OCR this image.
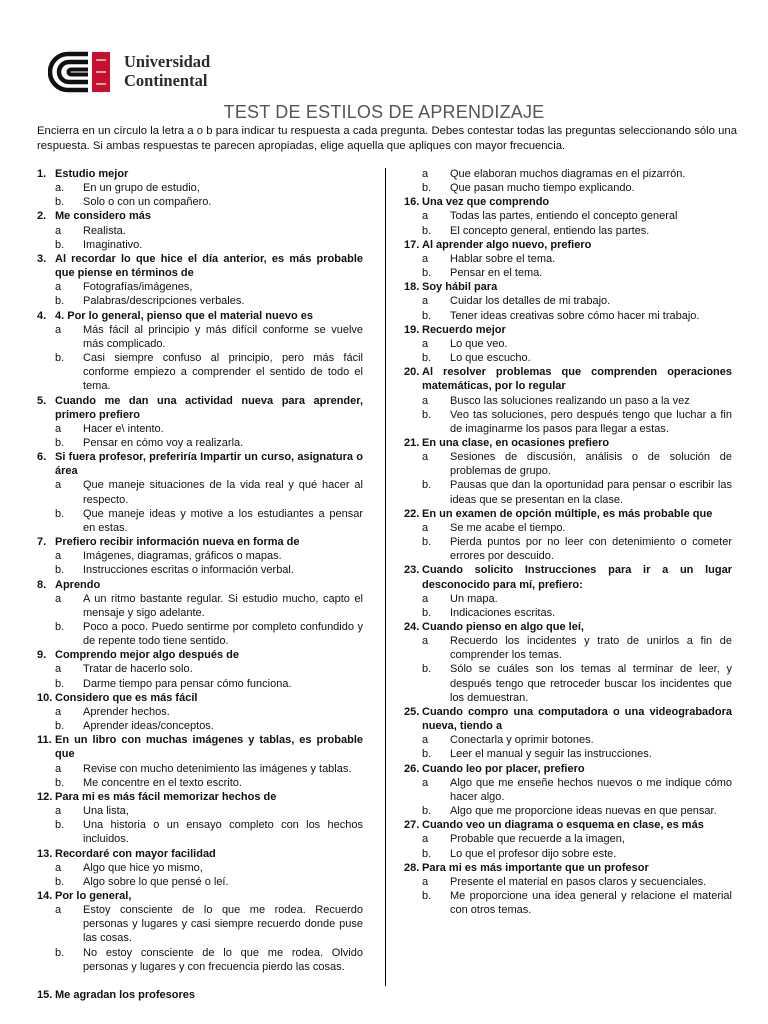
Universidad
Continental
TEST DE ESTILOS DE APRENDIZAJE
Encierra en un círculo la letra a o b para indicar tu respuesta a cada pregunta. Debes contestar todas las preguntas seleccionando sólo una respuesta. Si ambas respuestas te parecen apropiadas, elige aquella que apliques con mayor frecuencia.
1. Estudio mejor
a.	En un grupo de estudio,
b.	Solo o con un compañero.
2. Me considero más
a	Realista.
b.	Imaginativo.
3. Al recordar lo que hice el día anterior, es más probable que piense en términos de
a	Fotografías/imágenes,
b.	Palabras/descripciones verbales.
4. 4. Por lo general, pienso que el material nuevo es
a	Más fácil al principio y más difícil conforme se vuelve más complicado.
b.	Casi siempre confuso al principio, pero más fácil conforme empiezo a comprender el sentido de todo el tema.
5. Cuando me dan una actividad nueva para aprender, primero prefiero
a	Hacer e\ intento.
b.	Pensar en cómo voy a realizarla.
6. Si fuera profesor, preferiría Impartir un curso, asignatura o área
a	Que maneje situaciones de la vida real y qué hacer al respecto.
b.	Que maneje ideas y motive a los estudiantes a pensar en estas.
7. Prefiero recibir información nueva en forma de
a	Imágenes, diagramas, gráficos o mapas.
b.	Instrucciones escritas o información verbal.
8. Aprendo
a	A un ritmo bastante regular. Si estudio mucho, capto el mensaje y sigo adelante.
b.	Poco a poco. Puedo sentirme por completo confundido y de repente todo tiene sentido.
9. Comprendo mejor algo después de
a	Tratar de hacerlo solo.
b.	Darme tiempo para pensar cómo funciona.
10. Considero que es más fácil
a	Aprender hechos.
b.	Aprender ideas/conceptos.
11. En un libro con muchas imágenes y tablas, es probable que
a	Revise con mucho detenimiento las imágenes y tablas.
b.	Me concentre en el texto escrito.
12. Para mi es más fácil memorizar hechos de
a	Una lista,
b.	Una historia o un ensayo completo con los hechos incluidos.
13. Recordaré con mayor facilidad
a	Algo que hice yo mismo,
b.	Algo sobre lo que pensé o leí.
14. Por lo general,
a	Estoy consciente de lo que me rodea. Recuerdo personas y lugares y casi siempre recuerdo donde puse las cosas.
b.	No estoy consciente de lo que me rodea. Olvido personas y lugares y con frecuencia pierdo las cosas.
15. Me agradan los profesores
a	Que elaboran muchos diagramas en el pizarrón.
b.	Que pasan mucho tiempo explicando.
16. Una vez que comprendo
a	Todas las partes, entiendo el concepto general
b.	El concepto general, entiendo las partes.
17. Al aprender algo nuevo, prefiero
a	Hablar sobre el tema.
b.	Pensar en el tema.
18. Soy hábil para
a	Cuidar los detalles de mi trabajo.
b.	Tener ideas creativas sobre cómo hacer mi trabajo.
19. Recuerdo mejor
a	Lo que veo.
b.	Lo que escucho.
20. Al resolver problemas que comprenden operaciones matemáticas, por lo regular
a	Busco las soluciones realizando un paso a la vez
b.	Veo tas soluciones, pero después tengo que luchar a fin de imaginarme los pasos para llegar a estas.
21. En una clase, en ocasiones prefiero
a	Sesiones de discusión, análisis o de solución de problemas de grupo.
b.	Pausas que dan la oportunidad para pensar o escribir las ideas que se presentan en la clase.
22. En un examen de opción múltiple, es más probable que
a	Se me acabe el tiempo.
b.	Pierda puntos por no leer con detenimiento o cometer errores por descuido.
23. Cuando solicito Instrucciones para ir a un lugar desconocido para mí, prefiero:
a	Un mapa.
b.	Indicaciones escritas.
24. Cuando pienso en algo que leí,
a	Recuerdo los incidentes y trato de unirlos a fin de comprender los temas.
b.	Sólo se cuáles son los temas al terminar de leer, y después tengo que retroceder buscar los incidentes que los demuestran.
25. Cuando compro una computadora o una videograbadora nueva, tiendo a
a	Conectarla y oprimir botones.
b.	Leer el manual y seguir las instrucciones.
26. Cuando leo por placer, prefiero
a	Algo que me enseñe hechos nuevos o me indique cómo hacer algo.
b.	Algo que me proporcione ideas nuevas en que pensar.
27. Cuando veo un diagrama o esquema en clase, es más
a	Probable que recuerde a la imagen,
b.	Lo que el profesor dijo sobre este.
28. Para mi es más importante que un profesor
a	Presente el material en pasos claros y secuenciales.
b.	Me proporcione una idea general y relacione el material con otros temas.
